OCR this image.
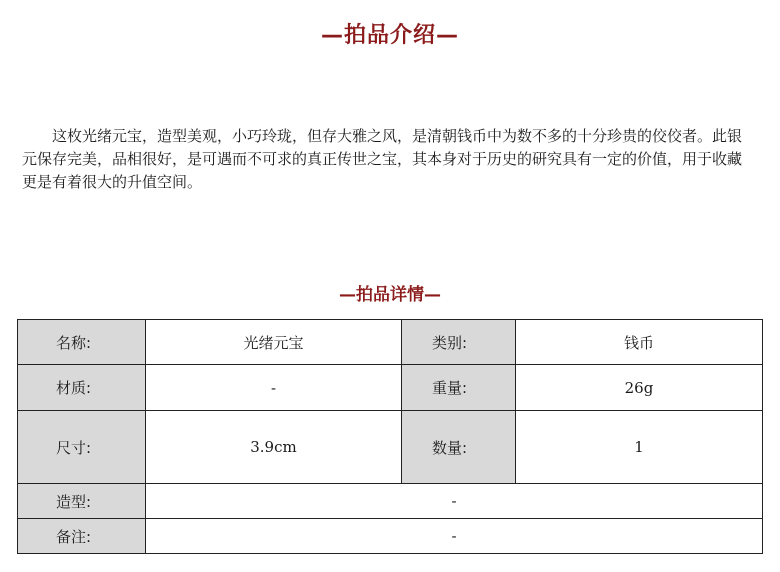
—拍品介绍—

这枚光绪元宝，造型美观，小巧玲珑，但存大雅之风，是清朝钱币中为数不多的十分珍贵的佼佼者。此银元保存完美，品相很好，是可遇而不可求的真正传世之宝，其本身对于历史的研究具有一定的价值，用于收藏更是有着很大的升值空间。

—拍品详情—
名称:	光绪元宝	类别:	钱币
材质:	-	重量:	26g
尺寸:	3.9cm	数量:	1
造型:	-		
备注:	-		
